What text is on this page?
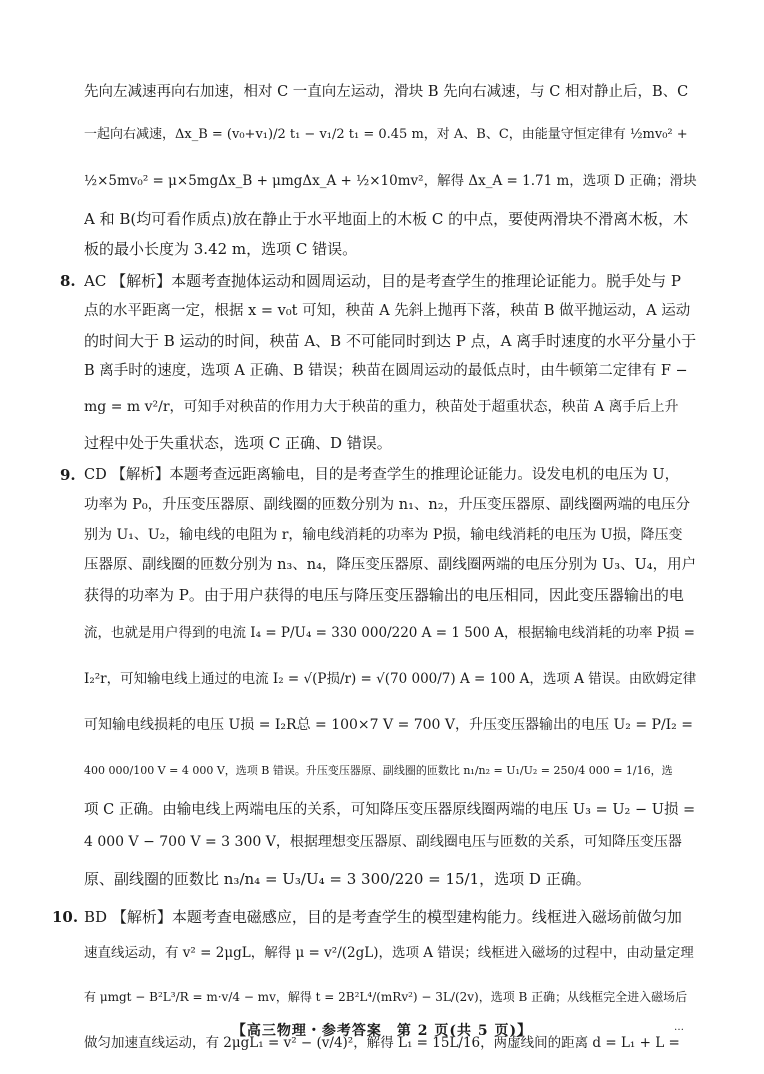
先向左减速再向右加速，相对 C 一直向左运动，滑块 B 先向右减速，与 C 相对静止后，B、C
一起向右减速，Δx_B = (v₀+v₁)/2 t₁ − v₁/2 t₁ = 0.45 m，对 A、B、C，由能量守恒定律有 ½mv₀² +
½×5mv₀² = μ×5mgΔx_B + μmgΔx_A + ½×10mv²，解得 Δx_A = 1.71 m，选项 D 正确；滑块
A 和 B(均可看作质点)放在静止于水平地面上的木板 C 的中点，要使两滑块不滑离木板，木
板的最小长度为 3.42 m，选项 C 错误。
8. AC 【解析】本题考查抛体运动和圆周运动，目的是考查学生的推理论证能力。脱手处与 P
点的水平距离一定，根据 x = v₀t 可知，秧苗 A 先斜上抛再下落，秧苗 B 做平抛运动，A 运动
的时间大于 B 运动的时间，秧苗 A、B 不可能同时到达 P 点，A 离手时速度的水平分量小于
B 离手时的速度，选项 A 正确、B 错误；秧苗在圆周运动的最低点时，由牛顿第二定律有 F −
mg = m v²/r，可知手对秧苗的作用力大于秧苗的重力，秧苗处于超重状态，秧苗 A 离手后上升
过程中处于失重状态，选项 C 正确、D 错误。
9. CD 【解析】本题考查远距离输电，目的是考查学生的推理论证能力。设发电机的电压为 U，
功率为 P₀，升压变压器原、副线圈的匝数分别为 n₁、n₂，升压变压器原、副线圈两端的电压分
别为 U₁、U₂，输电线的电阻为 r，输电线消耗的功率为 P损，输电线消耗的电压为 U损，降压变
压器原、副线圈的匝数分别为 n₃、n₄，降压变压器原、副线圈两端的电压分别为 U₃、U₄，用户
获得的功率为 P。由于用户获得的电压与降压变压器输出的电压相同，因此变压器输出的电
流，也就是用户得到的电流 I₄ = P/U₄ = 330 000/220 A = 1 500 A，根据输电线消耗的功率 P损 =
I₂²r，可知输电线上通过的电流 I₂ = √(P损/r) = √(70 000/7) A = 100 A，选项 A 错误。由欧姆定律
可知输电线损耗的电压 U损 = I₂R总 = 100×7 V = 700 V，升压变压器输出的电压 U₂ = P/I₂ =
400 000/100 V = 4 000 V，选项 B 错误。升压变压器原、副线圈的匝数比 n₁/n₂ = U₁/U₂ = 250/4 000 = 1/16，选
项 C 正确。由输电线上两端电压的关系，可知降压变压器原线圈两端的电压 U₃ = U₂ − U损 =
4 000 V − 700 V = 3 300 V，根据理想变压器原、副线圈电压与匝数的关系，可知降压变压器
原、副线圈的匝数比 n₃/n₄ = U₃/U₄ = 3 300/220 = 15/1，选项 D 正确。
10. BD 【解析】本题考查电磁感应，目的是考查学生的模型建构能力。线框进入磁场前做匀加
速直线运动，有 v² = 2μgL，解得 μ = v²/(2gL)，选项 A 错误；线框进入磁场的过程中，由动量定理
有 μmgt − B²L³/R = m·v/4 − mv，解得 t = 2B²L⁴/(mRv²) − 3L/(2v)，选项 B 正确；从线框完全进入磁场后
做匀加速直线运动，有 2μgL₁ = v² − (v/4)²，解得 L₁ = 15L/16，两虚线间的距离 d = L₁ + L =
【高三物理・参考答案　第 2 页(共 5 页)】	…
